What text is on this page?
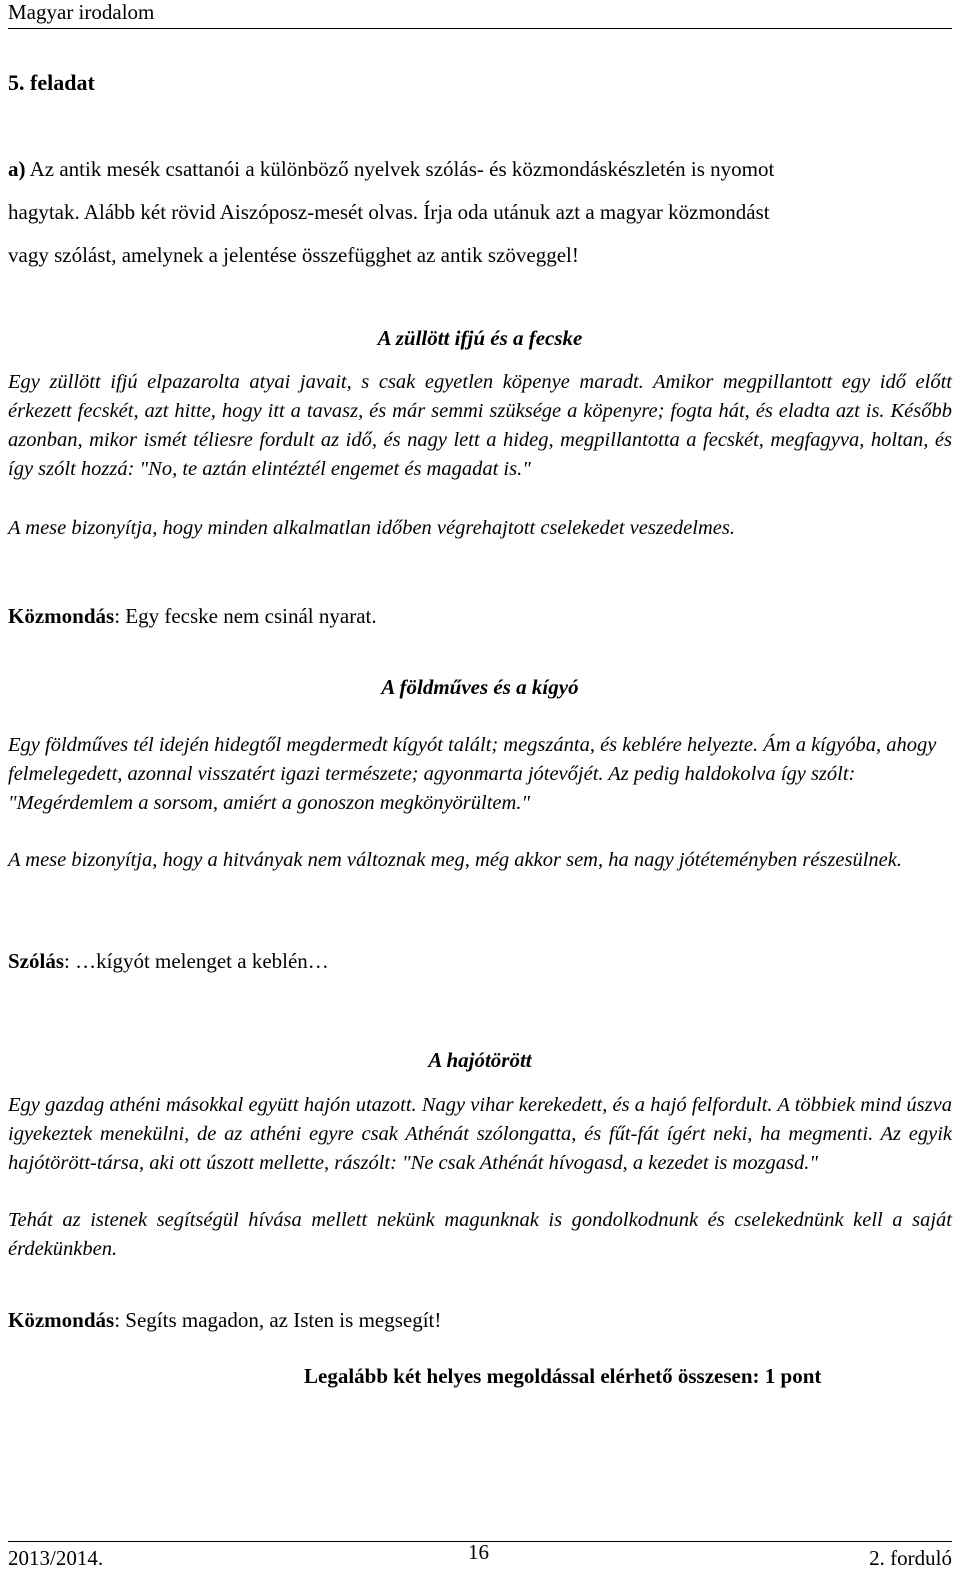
Magyar irodalom
5. feladat
a) Az antik mesék csattanói a különböző nyelvek szólás- és közmondáskészletén is nyomot
hagytak. Alább két rövid Aiszóposz-mesét olvas. Írja oda utánuk azt a magyar közmondást
vagy szólást, amelynek a jelentése összefügghet az antik szöveggel!
A züllött ifjú és a fecske
Egy züllött ifjú elpazarolta atyai javait, s csak egyetlen köpenye maradt. Amikor megpillantott egy idő előtt érkezett fecskét, azt hitte, hogy itt a tavasz, és már semmi szüksége a köpenyre; fogta hát, és eladta azt is. Később azonban, mikor ismét téliesre fordult az idő, és nagy lett a hideg, megpillantotta a fecskét, megfagyva, holtan, és így szólt hozzá: "No, te aztán elintéztél engemet és magadat is."
A mese bizonyítja, hogy minden alkalmatlan időben végrehajtott cselekedet veszedelmes.
Közmondás: Egy fecske nem csinál nyarat.
A földműves és a kígyó
Egy földműves tél idején hidegtől megdermedt kígyót talált; megszánta, és keblére helyezte. Ám a kígyóba, ahogy felmelegedett, azonnal visszatért igazi természete; agyonmarta jótevőjét. Az pedig haldokolva így szólt: "Megérdemlem a sorsom, amiért a gonoszon megkönyörültem."
A mese bizonyítja, hogy a hitványak nem változnak meg, még akkor sem, ha nagy jótéteményben részesülnek.
Szólás: …kígyót melenget a keblén…
A hajótörött
Egy gazdag athéni másokkal együtt hajón utazott. Nagy vihar kerekedett, és a hajó felfordult. A többiek mind úszva igyekeztek menekülni, de az athéni egyre csak Athénát szólongatta, és fűt-fát ígért neki, ha megmenti. Az egyik hajótörött-társa, aki ott úszott mellette, rászólt: "Ne csak Athénát hívogasd, a kezedet is mozgasd."
Tehát az istenek segítségül hívása mellett nekünk magunknak is gondolkodnunk és cselekednünk kell a saját érdekünkben.
Közmondás: Segíts magadon, az Isten is megsegít!
Legalább két helyes megoldással elérhető összesen: 1 pont
2013/2014.	16	2. forduló
